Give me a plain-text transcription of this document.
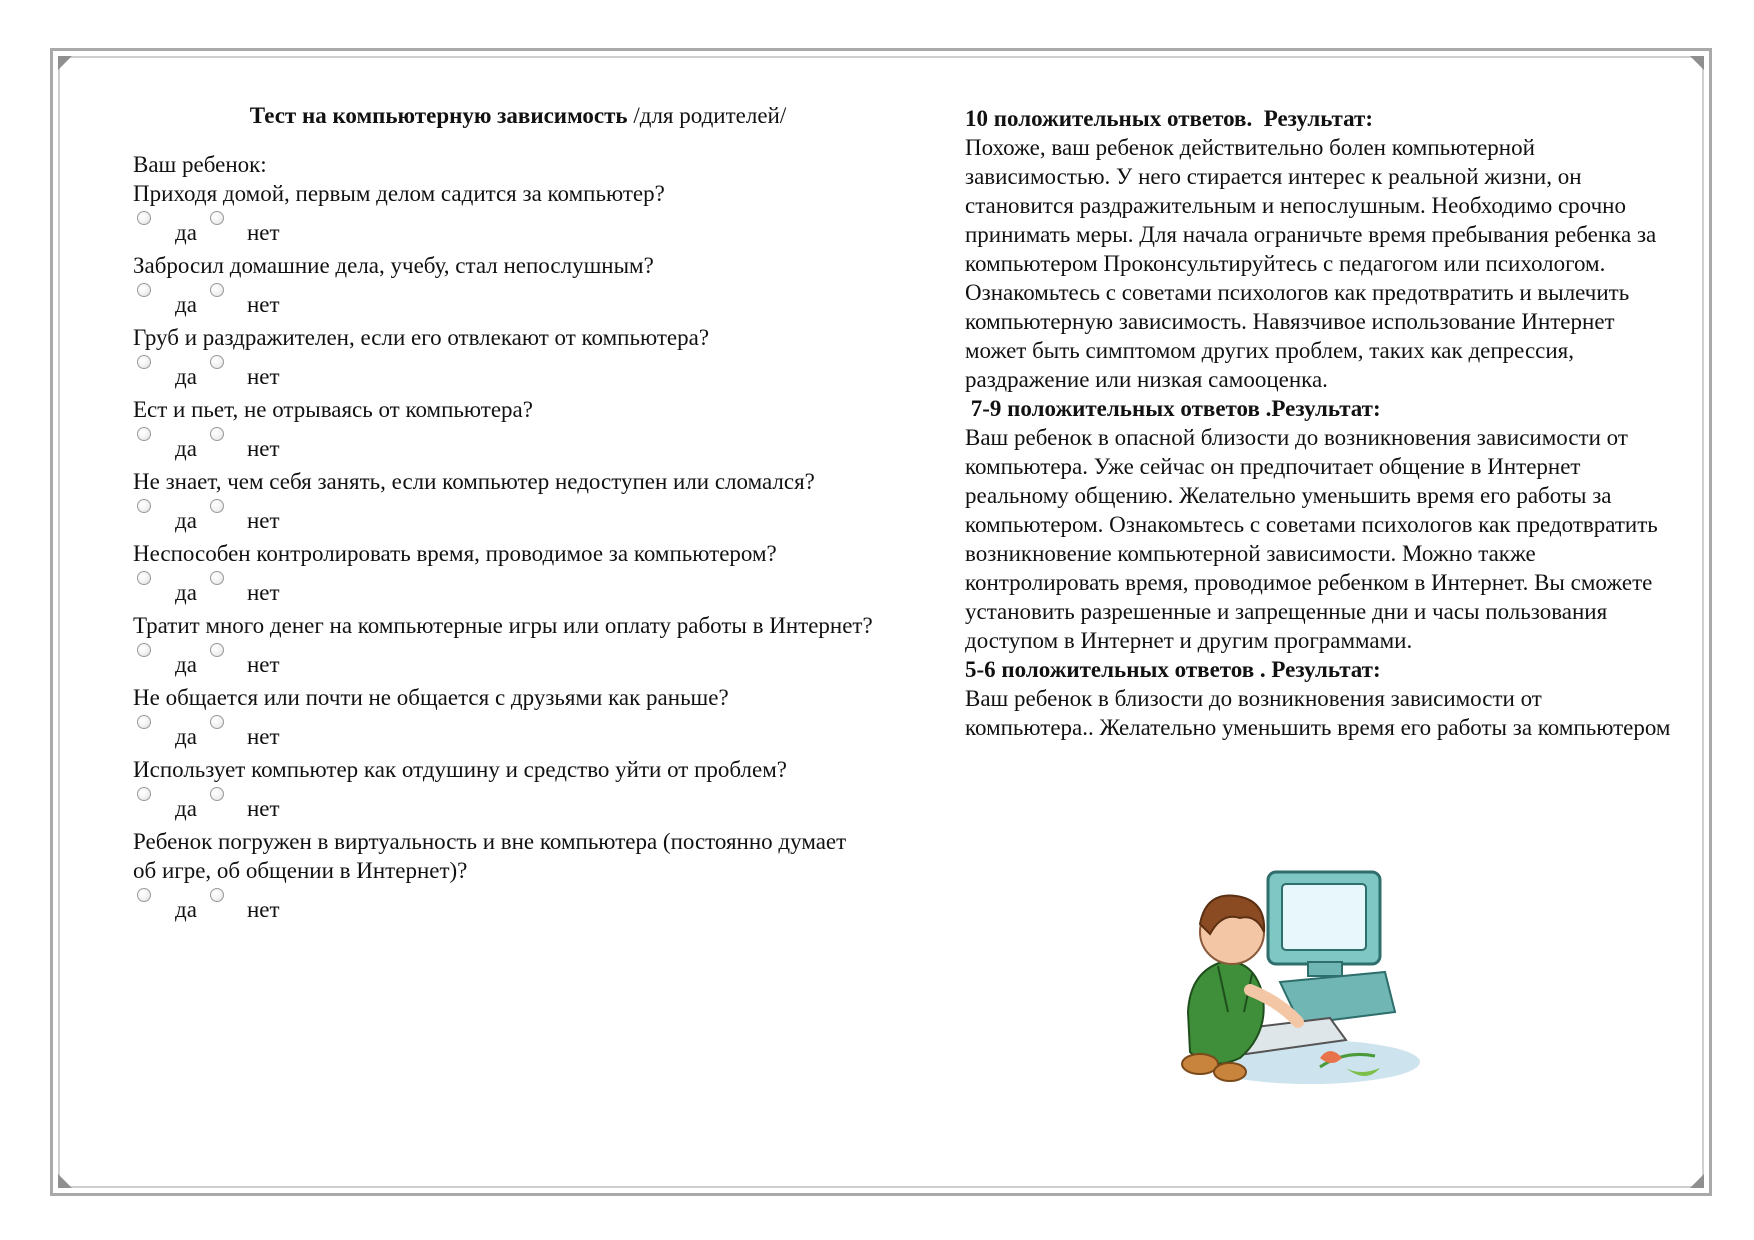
Тест на компьютерную зависимость /для родителей/

Ваш ребенок:

Приходя домой, первым делом садится за компьютер?

да нет

Забросил домашние дела, учебу, стал непослушным?

да нет

Груб и раздражителен, если его отвлекают от компьютера?

да нет

Ест и пьет, не отрываясь от компьютера?

да нет

Не знает, чем себя занять, если компьютер недоступен или сломался?

да нет

Неспособен контролировать время, проводимое за компьютером?

да нет

Тратит много денег на компьютерные игры или оплату работы в Интернет?

да нет

Не общается или почти не общается с друзьями как раньше?

да нет

Использует компьютер как отдушину и средство уйти от проблем?

да нет

Ребенок погружен в виртуальность и вне компьютера (постоянно думает об игре, об общении в Интернет)?

да нет

10 положительных ответов.  Результат:

Похоже, ваш ребенок действительно болен компьютерной зависимостью. У него стирается интерес к реальной жизни, он становится раздражительным и непослушным. Необходимо срочно принимать меры. Для начала ограничьте время пребывания ребенка за компьютером Проконсультируйтесь с педагогом или психологом. Ознакомьтесь с советами психологов как предотвратить и вылечить компьютерную зависимость. Навязчивое использование Интернет может быть симптомом других проблем, таких как депрессия, раздражение или низкая самооценка.

7-9 положительных ответов .Результат:

Ваш ребенок в опасной близости до возникновения зависимости от компьютера. Уже сейчас он предпочитает общение в Интернет реальному общению. Желательно уменьшить время его работы за компьютером. Ознакомьтесь с советами психологов как предотвратить возникновение компьютерной зависимости. Можно также контролировать время, проводимое ребенком в Интернет. Вы сможете установить разрешенные и запрещенные дни и часы пользования доступом в Интернет и другим программами.

5-6 положительных ответов . Результат:

Ваш ребенок в близости до возникновения зависимости от компьютера.. Желательно уменьшить время его работы за компьютером
